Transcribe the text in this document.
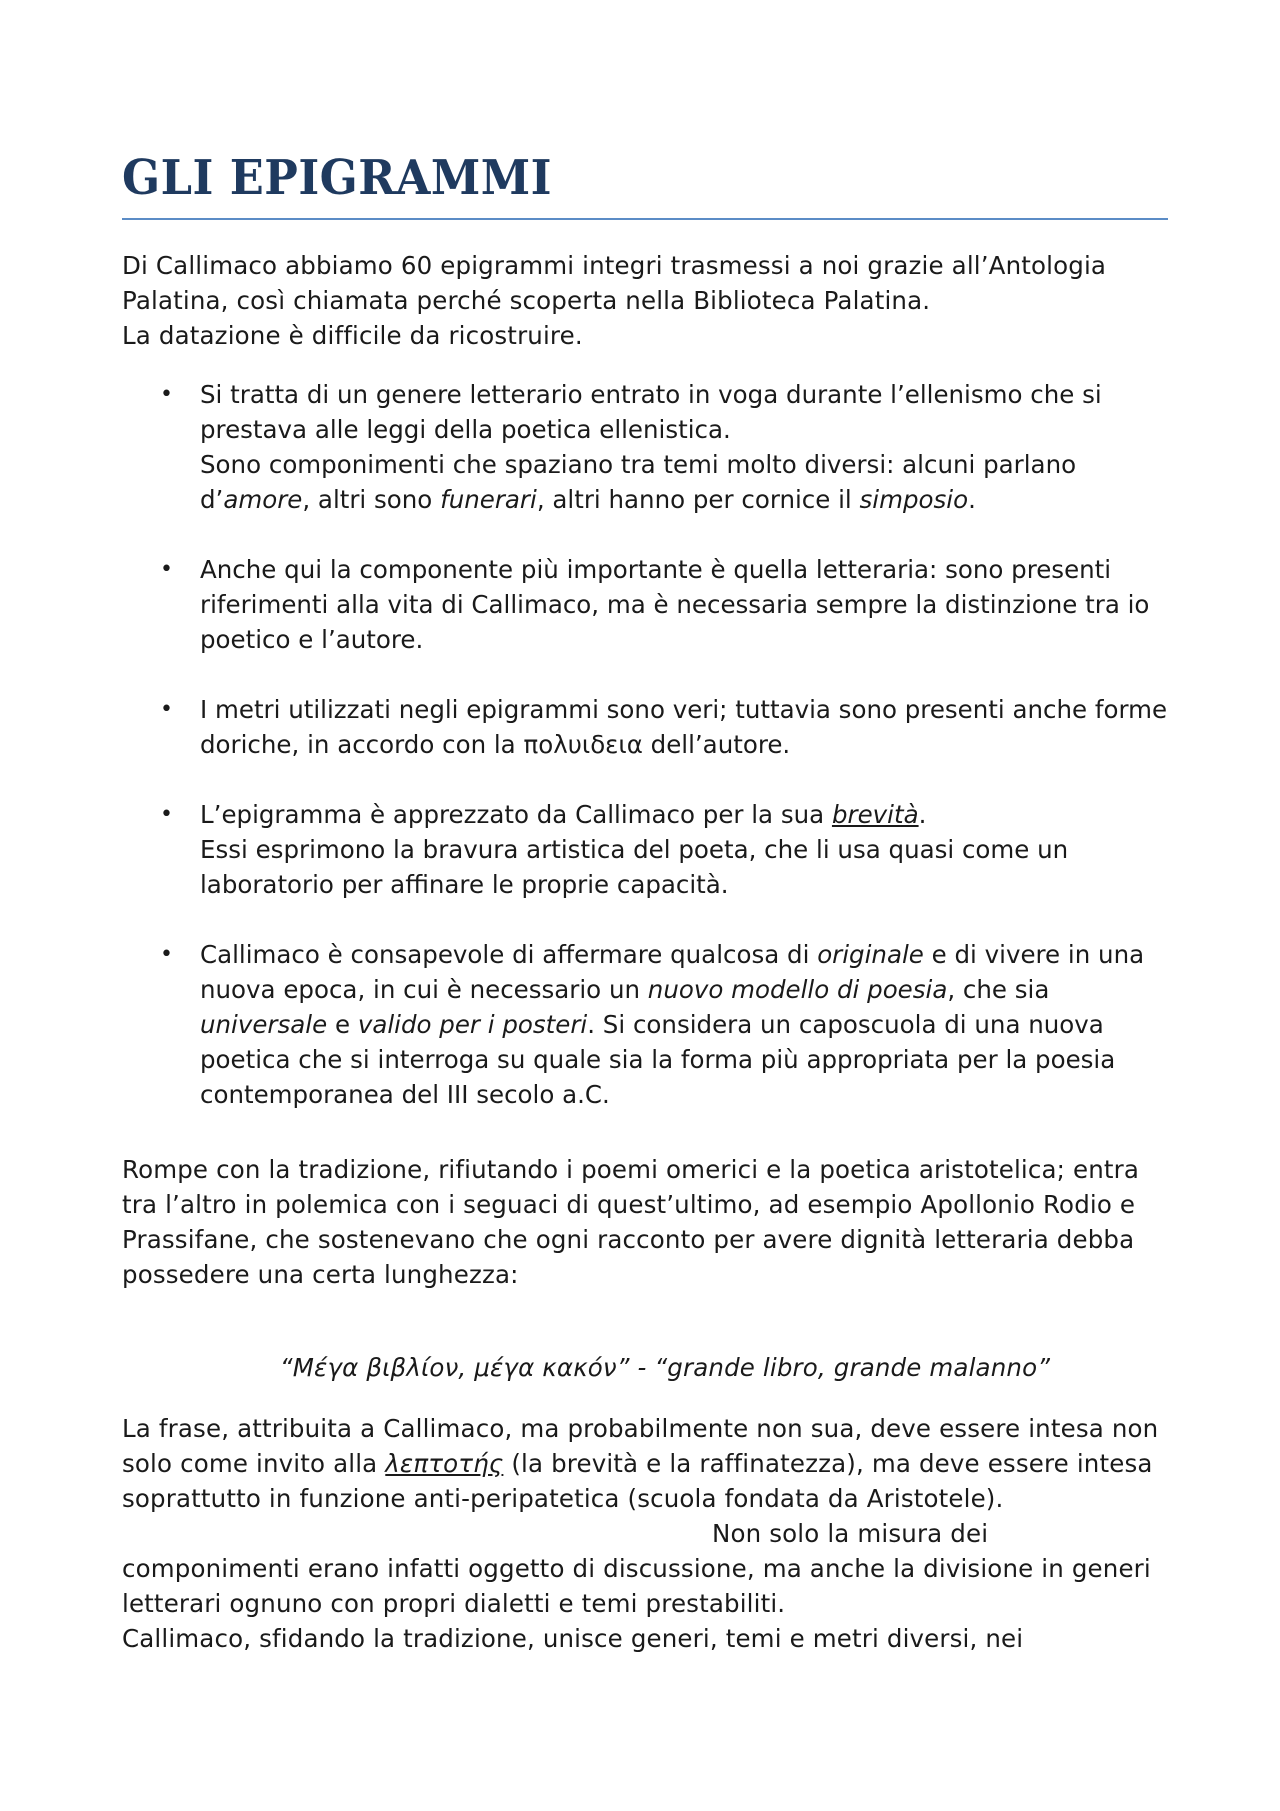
GLI EPIGRAMMI

Di Callimaco abbiamo 60 epigrammi integri trasmessi a noi grazie all’Antologia Palatina, così chiamata perché scoperta nella Biblioteca Palatina.
La datazione è difficile da ricostruire.

• Si tratta di un genere letterario entrato in voga durante l’ellenismo che si prestava alle leggi della poetica ellenistica.
Sono componimenti che spaziano tra temi molto diversi: alcuni parlano d’amore, altri sono funerari, altri hanno per cornice il simposio.
• Anche qui la componente più importante è quella letteraria: sono presenti riferimenti alla vita di Callimaco, ma è necessaria sempre la distinzione tra io poetico e l’autore.
• I metri utilizzati negli epigrammi sono veri; tuttavia sono presenti anche forme doriche, in accordo con la πολυιδεια dell’autore.
• L’epigramma è apprezzato da Callimaco per la sua brevità.
Essi esprimono la bravura artistica del poeta, che li usa quasi come un laboratorio per affinare le proprie capacità.
• Callimaco è consapevole di affermare qualcosa di originale e di vivere in una nuova epoca, in cui è necessario un nuovo modello di poesia, che sia universale e valido per i posteri. Si considera un caposcuola di una nuova poetica che si interroga su quale sia la forma più appropriata per la poesia contemporanea del III secolo a.C.

Rompe con la tradizione, rifiutando i poemi omerici e la poetica aristotelica; entra tra l’altro in polemica con i seguaci di quest’ultimo, ad esempio Apollonio Rodio e Prassifane, che sostenevano che ogni racconto per avere dignità letteraria debba possedere una certa lunghezza:

“Μέγα βιβλίον, μέγα κακόν” - “grande libro, grande malanno”

La frase, attribuita a Callimaco, ma probabilmente non sua, deve essere intesa non solo come invito alla λεπτοτής (la brevità e la raffinatezza), ma deve essere intesa soprattutto in funzione anti-peripatetica (scuola fondata da Aristotele).Non solo la misura dei componimenti erano infatti oggetto di discussione, ma anche la divisione in generi letterari ognuno con propri dialetti e temi prestabiliti.
Callimaco, sfidando la tradizione, unisce generi, temi e metri diversi, nei
